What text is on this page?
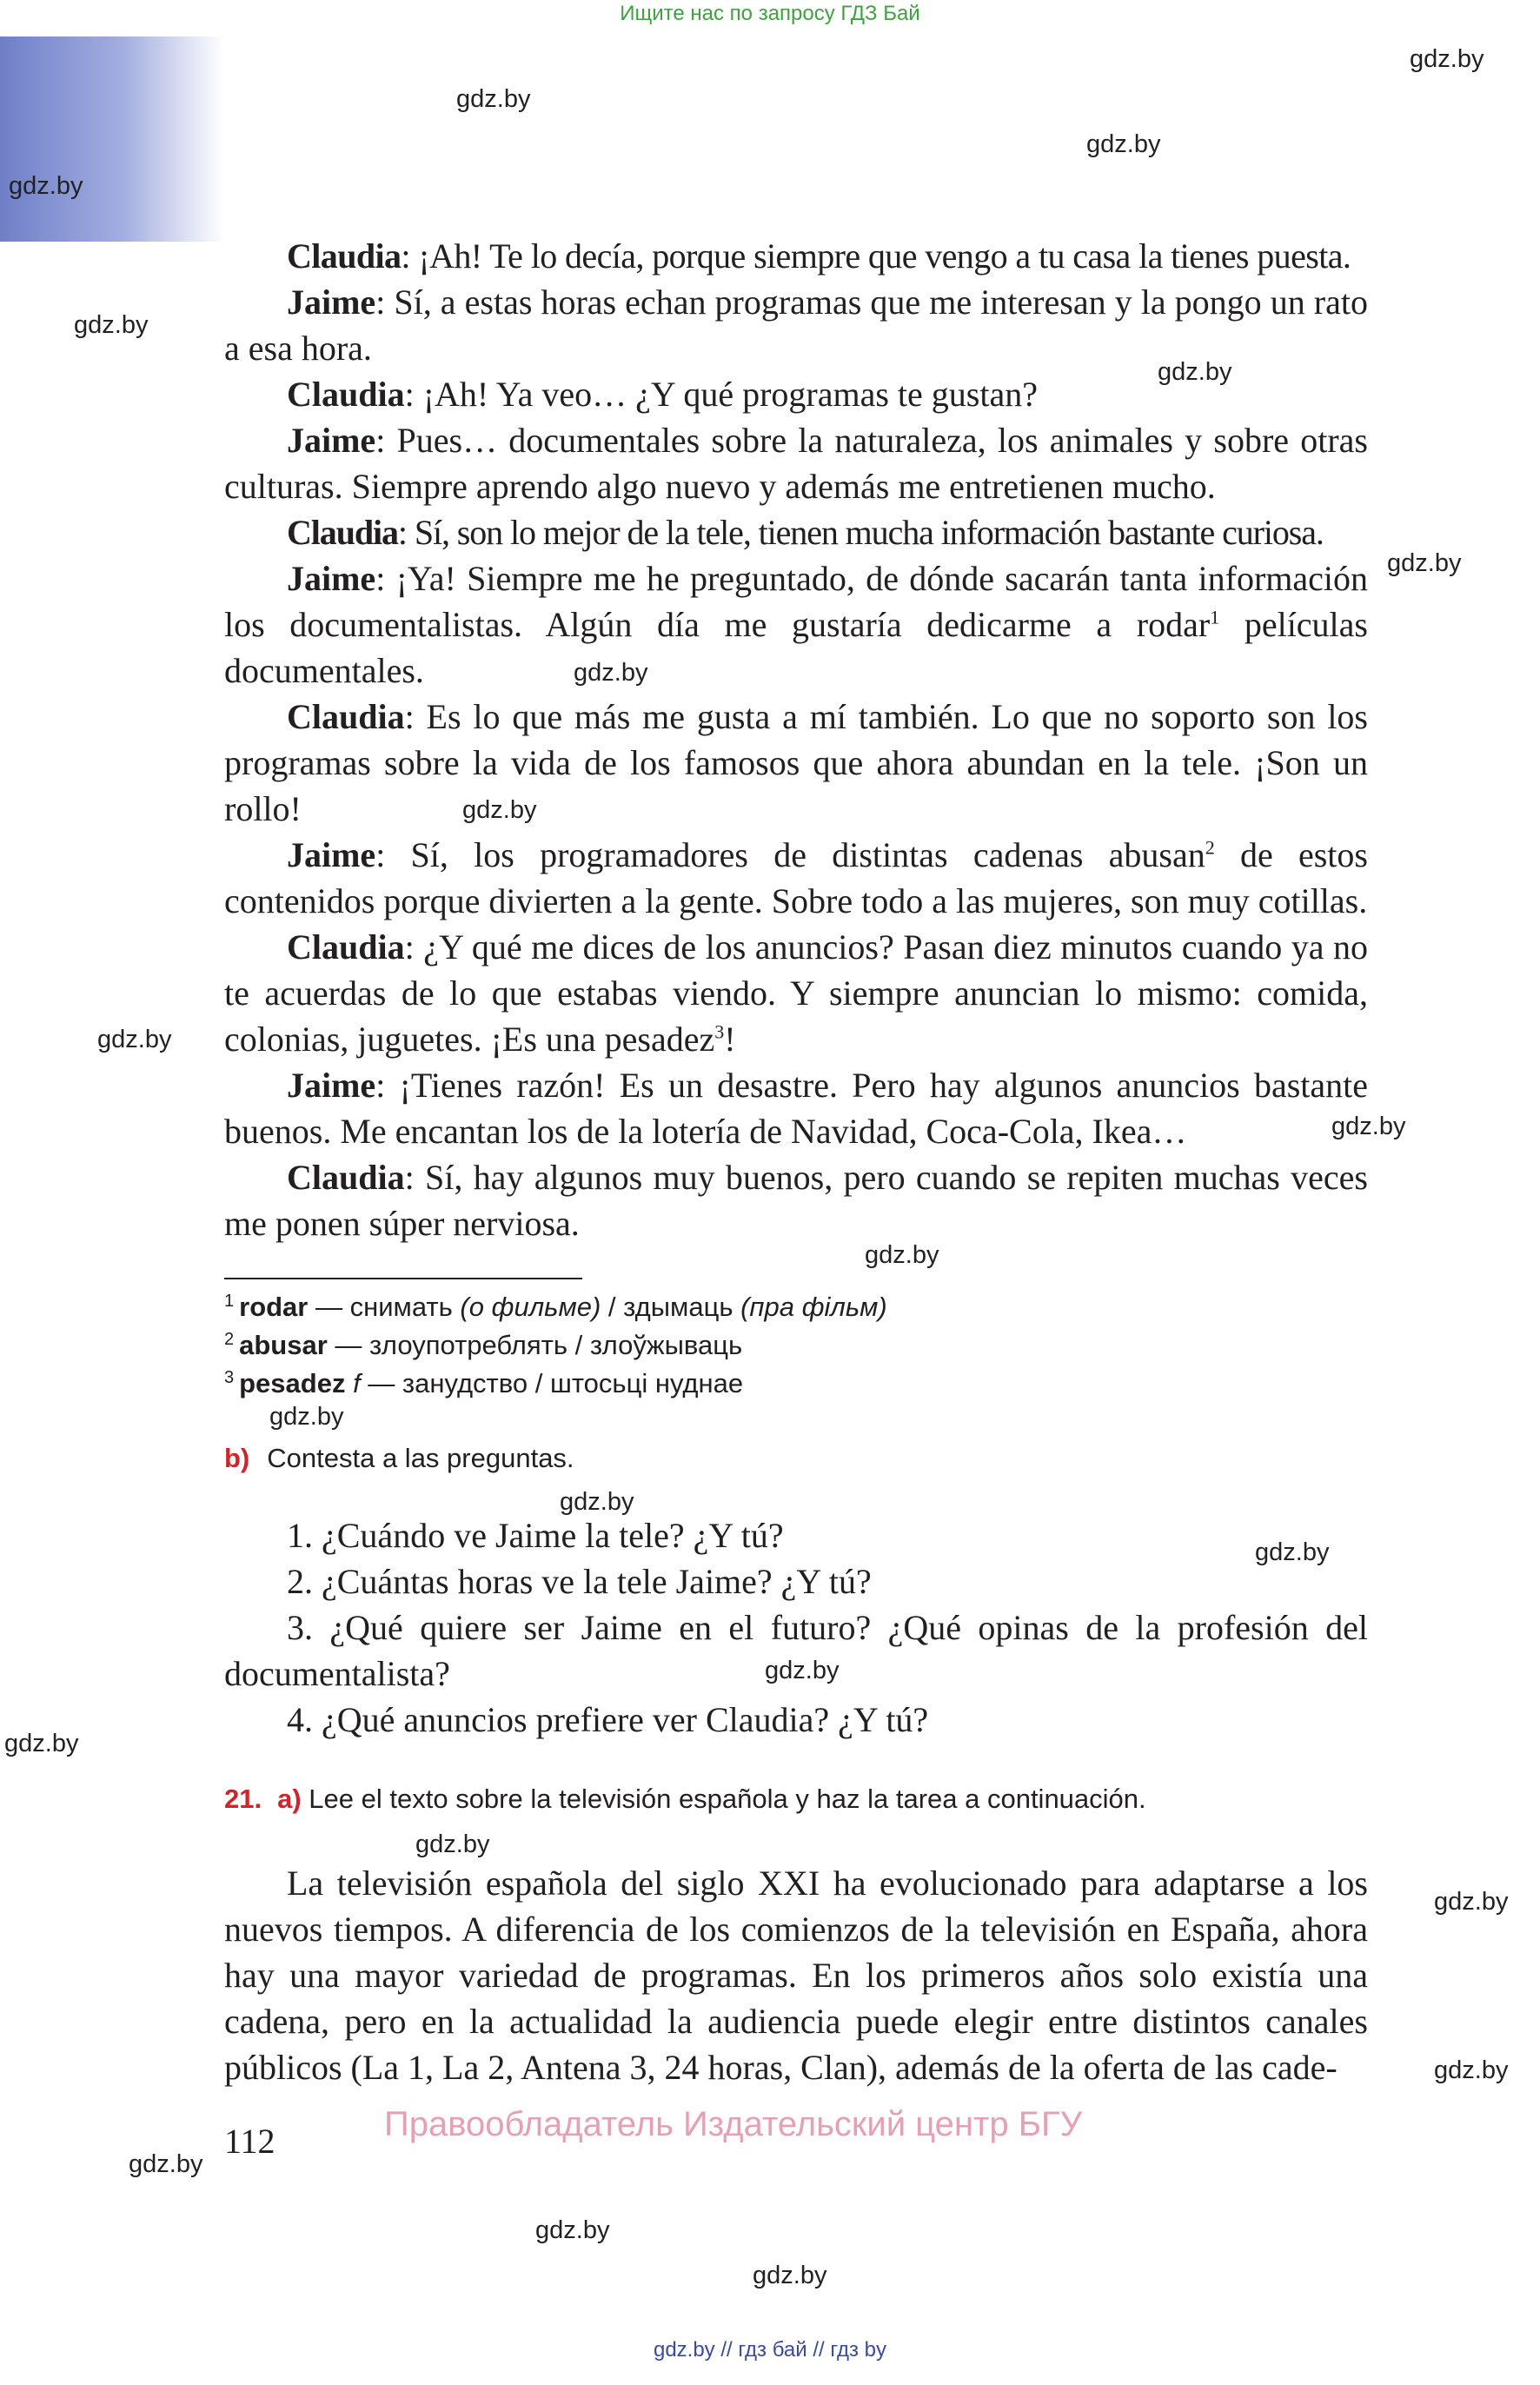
Ищите нас по запросу ГДЗ Бай
gdz.by
gdz.by
gdz.by
gdz.by
gdz.by
gdz.by
gdz.by
gdz.by
gdz.by
gdz.by
gdz.by
gdz.by
gdz.by
gdz.by
gdz.by
gdz.by
gdz.by
gdz.by
gdz.by
gdz.by
gdz.by
gdz.by
gdz.by

Claudia: ¡Ah! Te lo decía, porque siempre que vengo a tu casa la tienes puesta.

Jaime: Sí, a estas horas echan programas que me interesan y la pongo un rato a esa hora.

Claudia: ¡Ah! Ya veo… ¿Y qué programas te gustan?

Jaime: Pues… documentales sobre la naturaleza, los animales y sobre otras culturas. Siempre aprendo algo nuevo y además me entretienen mucho.

Claudia: Sí, son lo mejor de la tele, tienen mucha información bastante curiosa.

Jaime: ¡Ya! Siempre me he preguntado, de dónde sacarán tanta información los documentalistas. Algún día me gustaría dedicarme a rodar$^1$ películas documentales.

Claudia: Es lo que más me gusta a mí también. Lo que no soporto son los programas sobre la vida de los famosos que ahora abundan en la tele. ¡Son un rollo!

Jaime: Sí, los programadores de distintas cadenas abusan$^2$ de estos contenidos porque divierten a la gente. Sobre todo a las mujeres, son muy cotillas.

Claudia: ¿Y qué me dices de los anuncios? Pasan diez minutos cuando ya no te acuerdas de lo que estabas viendo. Y siempre anuncian lo mismo: comida, colonias, juguetes. ¡Es una pesadez$^3$!

Jaime: ¡Tienes razón! Es un desastre. Pero hay algunos anuncios bastante buenos. Me encantan los de la lotería de Navidad, Coca-Cola, Ikea…

Claudia: Sí, hay algunos muy buenos, pero cuando se repiten muchas veces me ponen súper nerviosa.

$^1$ rodar — снимать (о фильме) / здымаць (пра фільм)
$^2$ abusar — злоупотреблять / злоўжываць
$^3$ pesadez f — занудство / штосьці нуднае
b) Contesta a las preguntas.

1. ¿Cuándo ve Jaime la tele? ¿Y tú?

2. ¿Cuántas horas ve la tele Jaime? ¿Y tú?

3. ¿Qué quiere ser Jaime en el futuro? ¿Qué opinas de la profesión del documentalista?

4. ¿Qué anuncios prefiere ver Claudia? ¿Y tú?

21. a) Lee el texto sobre la televisión española y haz la tarea a continuación.

La televisión española del siglo XXI ha evolucionado para adaptarse a los nuevos tiempos. A diferencia de los comienzos de la televisión en España, ahora hay una mayor variedad de programas. En los primeros años solo existía una cadena, pero en la actualidad la audiencia puede elegir entre distintos canales públicos (La 1, La 2, Antena 3, 24 horas, Clan), además de la oferta de las cade-

112	Правообладатель Издательский центр БГУ
gdz.by // гдз бай // гдз by
